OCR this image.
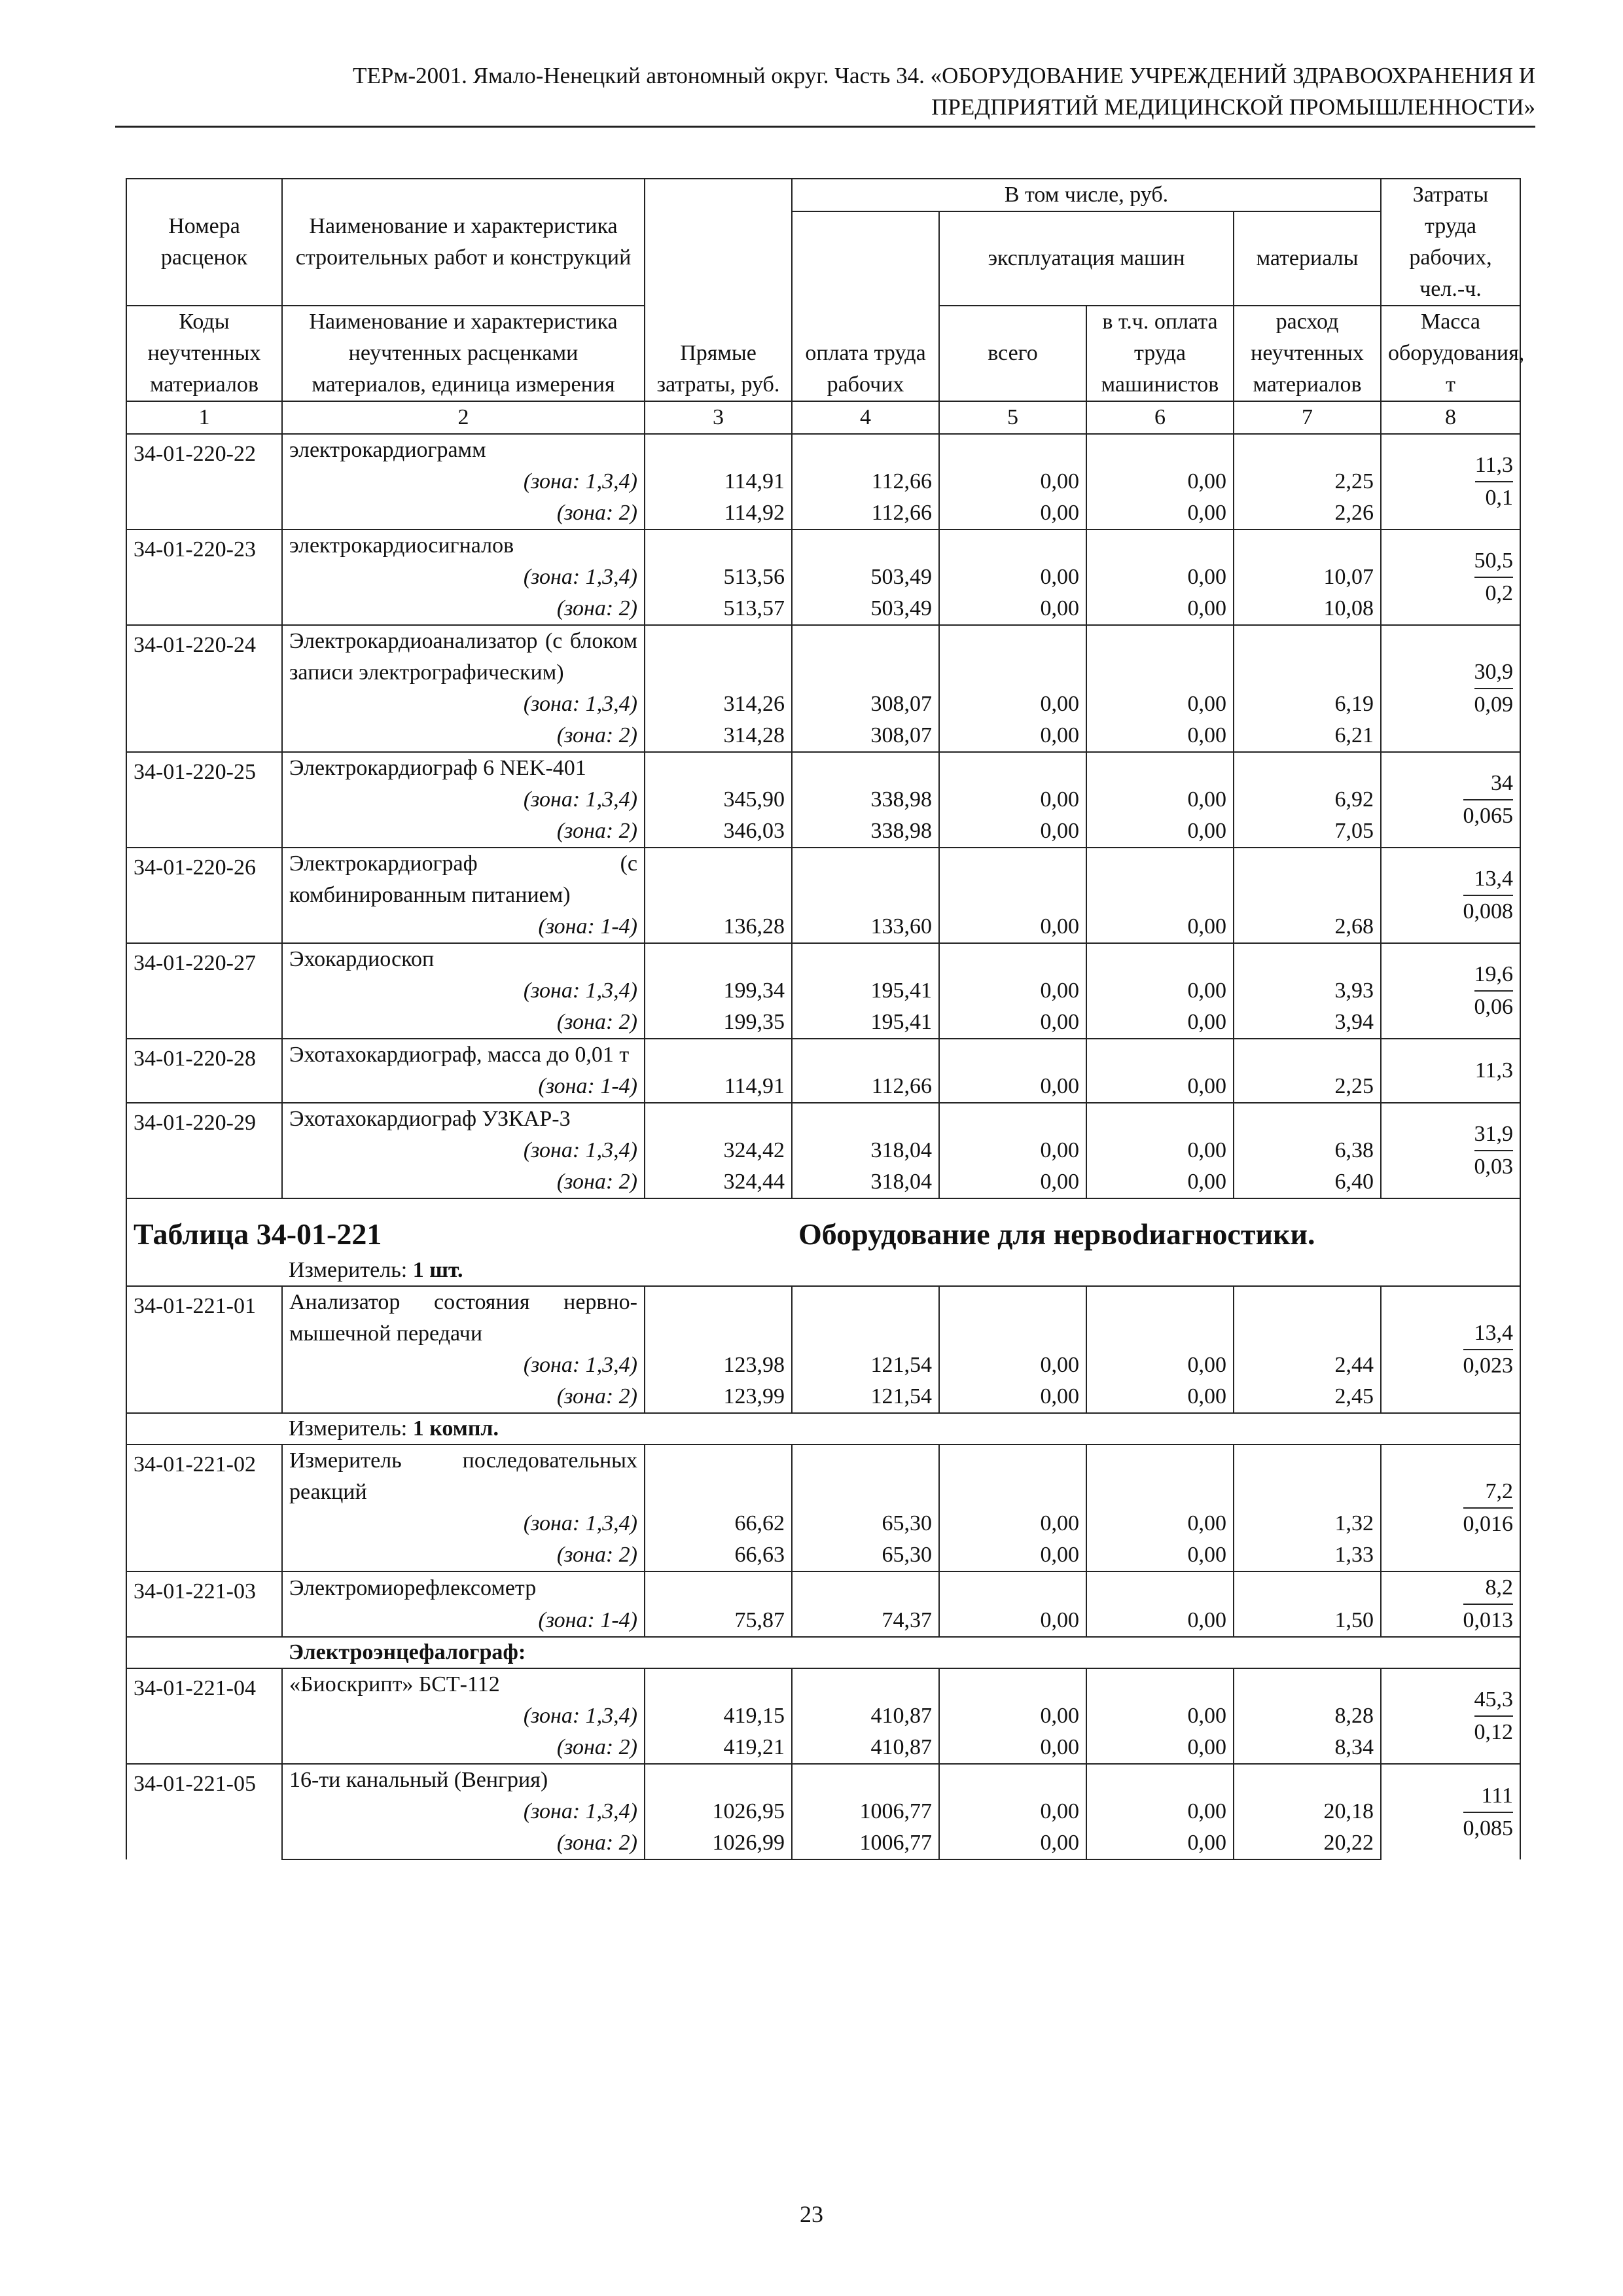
ТЕРм-2001. Ямало-Ненецкий автономный округ. Часть 34. «ОБОРУДОВАНИЕ УЧРЕЖДЕНИЙ ЗДРАВООХРАНЕНИЯ И
ПРЕДПРИЯТИЙ МЕДИЦИНСКОЙ ПРОМЫШЛЕННОСТИ»
Номера расценок	Наименование и характеристика строительных работ и конструкций	Прямые затраты, руб.	В том числе, руб.				Затраты труда рабочих, чел.-ч.
			оплата труда рабочих	эксплуатация машин		материалы	
Коды неучтенных материалов	Наименование и характеристика неучтенных расценками материалов, единица измерения			всего	в т.ч. оплата труда машинистов	расход неучтенных материалов	Масса оборудования, т
1	2	3	4	5	6	7	8
34-01-220-22	электрокардиограмм						$\frac{11,3}{0,1}$

	(зона: 1,3,4)	114,91	112,66	0,00	0,00	2,25	
	(зона: 2)	114,92	112,66	0,00	0,00	2,26	
34-01-220-23	электрокардиосигналов						$\frac{50,5}{0,2}$

	(зона: 1,3,4)	513,56	503,49	0,00	0,00	10,07	
	(зона: 2)	513,57	503,49	0,00	0,00	10,08	
34-01-220-24	Электрокардиоанализатор (с блоком записи электрографическим)						$\frac{30,9}{0,09}$

	(зона: 1,3,4)	314,26	308,07	0,00	0,00	6,19	
	(зона: 2)	314,28	308,07	0,00	0,00	6,21	
34-01-220-25	Электрокардиограф 6 NEK-401						$\frac{34}{0,065}$

	(зона: 1,3,4)	345,90	338,98	0,00	0,00	6,92	
	(зона: 2)	346,03	338,98	0,00	0,00	7,05	
34-01-220-26	Электрокардиограф (с комбинированным питанием)						$\frac{13,4}{0,008}$

	(зона: 1-4)	136,28	133,60	0,00	0,00	2,68	
34-01-220-27	Эхокардиоскоп						$\frac{19,6}{0,06}$

	(зона: 1,3,4)	199,34	195,41	0,00	0,00	3,93	
	(зона: 2)	199,35	195,41	0,00	0,00	3,94	
34-01-220-28	Эхотахокардиограф, масса до 0,01 т						11,3

	(зона: 1-4)	114,91	112,66	0,00	0,00	2,25	
34-01-220-29	Эхотахокардиограф УЗКАР-3						$\frac{31,9}{0,03}$

	(зона: 1,3,4)	324,42	318,04	0,00	0,00	6,38	
	(зона: 2)	324,44	318,04	0,00	0,00	6,40	
Таблица 34-01-221			Оборудование для нервodиагностики.				
	Измеритель: 1 шт.						
34-01-221-01	Анализатор состояния нервно-мышечной передачи						$\frac{13,4}{0,023}$

	(зона: 1,3,4)	123,98	121,54	0,00	0,00	2,44	
	(зона: 2)	123,99	121,54	0,00	0,00	2,45	
	Измеритель: 1 компл.						
34-01-221-02	Измеритель последовательных реакций						$\frac{7,2}{0,016}$

	(зона: 1,3,4)	66,62	65,30	0,00	0,00	1,32	
	(зона: 2)	66,63	65,30	0,00	0,00	1,33	
34-01-221-03	Электромиорефлексометр						$\frac{8,2}{0,013}$

	(зона: 1-4)	75,87	74,37	0,00	0,00	1,50	
	Электроэнцефалограф:						
34-01-221-04	«Биоскрипт» БСТ-112						$\frac{45,3}{0,12}$

	(зона: 1,3,4)	419,15	410,87	0,00	0,00	8,28	
	(зона: 2)	419,21	410,87	0,00	0,00	8,34	
34-01-221-05	16-ти канальный (Венгрия)						$\frac{111}{0,085}$

	(зона: 1,3,4)	1026,95	1006,77	0,00	0,00	20,18	
	(зона: 2)	1026,99	1006,77	0,00	0,00	20,22	
23
